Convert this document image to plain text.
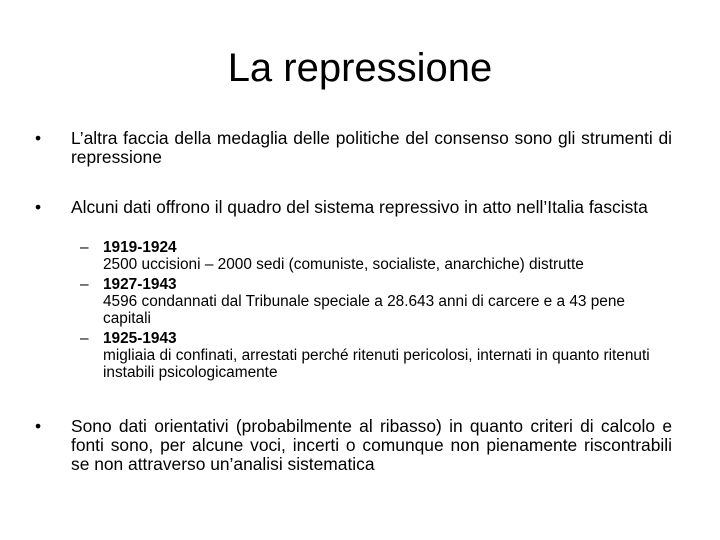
La repressione
•	L’altra faccia della medaglia delle politiche del consenso sono gli strumenti di repressione
•	Alcuni dati offrono il quadro del sistema repressivo in atto nell’Italia fascista
– 1919-1924
2500 uccisioni – 2000 sedi (comuniste, socialiste, anarchiche) distrutte
– 1927-1943
4596 condannati dal Tribunale speciale a 28.643 anni di carcere e a 43 pene capitali
– 1925-1943
migliaia di confinati, arrestati perché ritenuti pericolosi, internati in quanto ritenuti instabili psicologicamente
•	Sono dati orientativi (probabilmente al ribasso) in quanto criteri di calcolo e fonti sono, per alcune voci, incerti o comunque non pienamente riscontrabili se non attraverso un’analisi sistematica
